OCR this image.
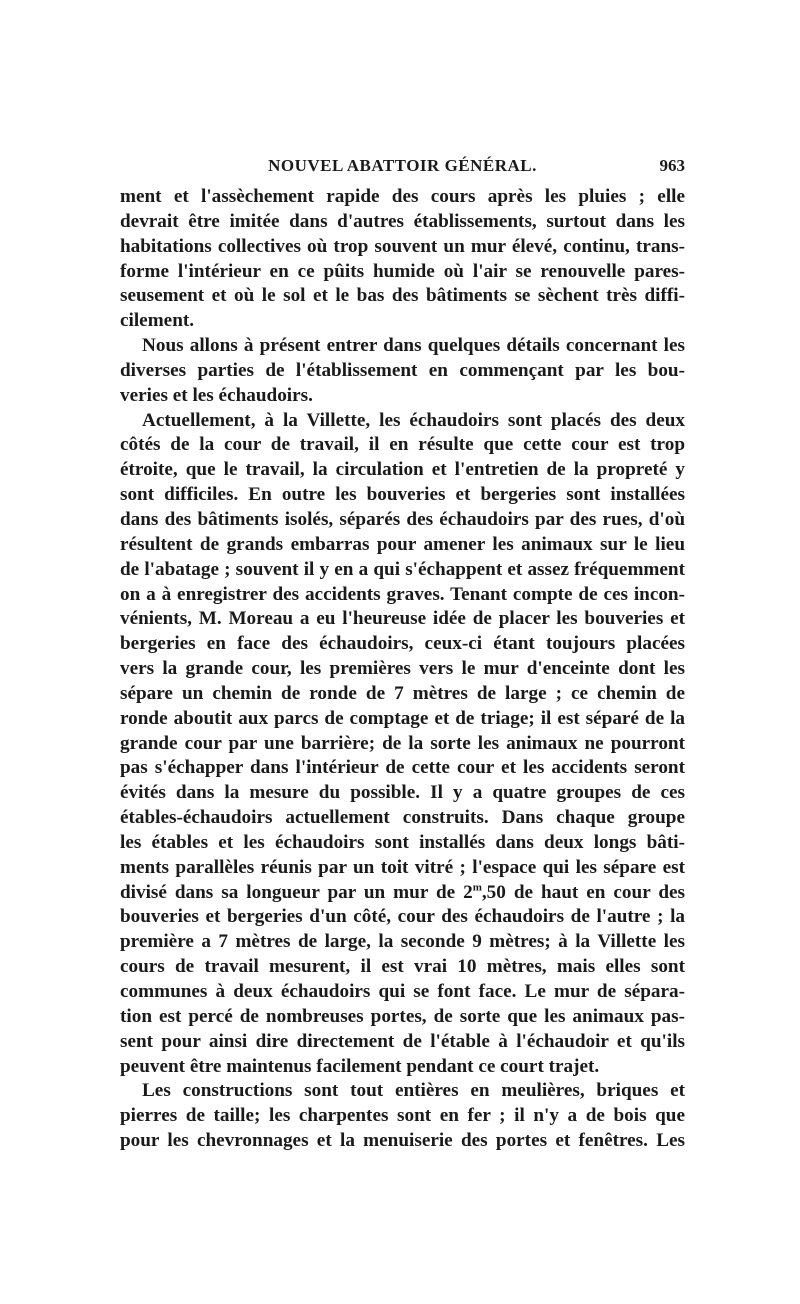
NOUVEL ABATTOIR GÉNÉRAL.	963
ment et l'assèchement rapide des cours après les pluies ; elle
devrait être imitée dans d'autres établissements, surtout dans les
habitations collectives où trop souvent un mur élevé, continu, trans-
forme l'intérieur en ce pûits humide où l'air se renouvelle pares-
seusement et où le sol et le bas des bâtiments se sèchent très diffi-
cilement.
Nous allons à présent entrer dans quelques détails concernant les
diverses parties de l'établissement en commençant par les bou-
veries et les échaudoirs.
Actuellement, à la Villette, les échaudoirs sont placés des deux
côtés de la cour de travail, il en résulte que cette cour est trop
étroite, que le travail, la circulation et l'entretien de la propreté y
sont difficiles. En outre les bouveries et bergeries sont installées
dans des bâtiments isolés, séparés des échaudoirs par des rues, d'où
résultent de grands embarras pour amener les animaux sur le lieu
de l'abatage ; souvent il y en a qui s'échappent et assez fréquemment
on a à enregistrer des accidents graves. Tenant compte de ces incon-
vénients, M. Moreau a eu l'heureuse idée de placer les bouveries et
bergeries en face des échaudoirs, ceux-ci étant toujours placées
vers la grande cour, les premières vers le mur d'enceinte dont les
sépare un chemin de ronde de 7 mètres de large ; ce chemin de
ronde aboutit aux parcs de comptage et de triage; il est séparé de la
grande cour par une barrière; de la sorte les animaux ne pourront
pas s'échapper dans l'intérieur de cette cour et les accidents seront
évités dans la mesure du possible. Il y a quatre groupes de ces
étables-échaudoirs actuellement construits. Dans chaque groupe
les étables et les échaudoirs sont installés dans deux longs bâti-
ments parallèles réunis par un toit vitré ; l'espace qui les sépare est
divisé dans sa longueur par un mur de 2$^m$,50 de haut en cour des
bouveries et bergeries d'un côté, cour des échaudoirs de l'autre ; la
première a 7 mètres de large, la seconde 9 mètres; à la Villette les
cours de travail mesurent, il est vrai 10 mètres, mais elles sont
communes à deux échaudoirs qui se font face. Le mur de sépara-
tion est percé de nombreuses portes, de sorte que les animaux pas-
sent pour ainsi dire directement de l'étable à l'échaudoir et qu'ils
peuvent être maintenus facilement pendant ce court trajet.
Les constructions sont tout entières en meulières, briques et
pierres de taille; les charpentes sont en fer ; il n'y a de bois que
pour les chevronnages et la menuiserie des portes et fenêtres. Les
